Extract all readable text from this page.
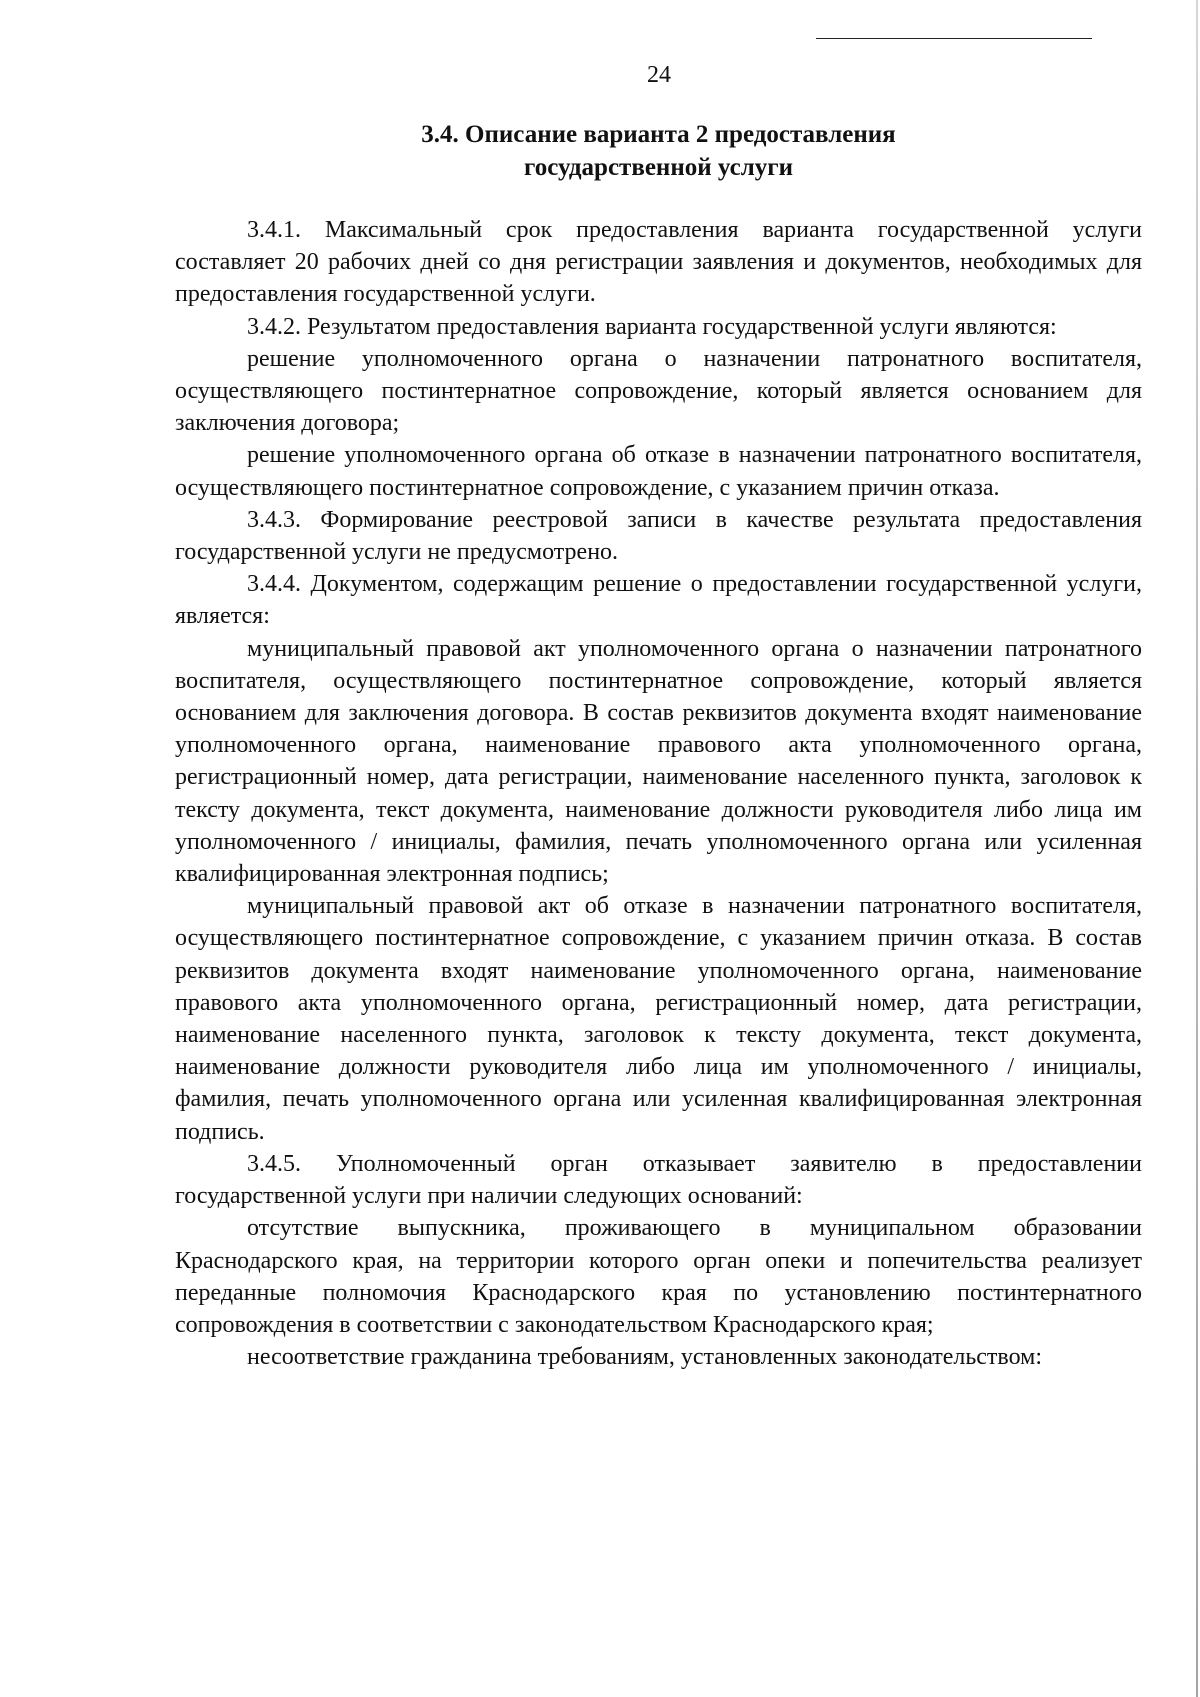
24
3.4. Описание варианта 2 предоставления
государственной услуги

3.4.1. Максимальный срок предоставления варианта государственной услуги составляет 20 рабочих дней со дня регистрации заявления и документов, необходимых для предоставления государственной услуги.

3.4.2. Результатом предоставления варианта государственной услуги являются:

решение уполномоченного органа о назначении патронатного воспитателя, осуществляющего постинтернатное сопровождение, который является основанием для заключения договора;

решение уполномоченного органа об отказе в назначении патронатного воспитателя, осуществляющего постинтернатное сопровождение, с указанием причин отказа.

3.4.3. Формирование реестровой записи в качестве результата предоставления государственной услуги не предусмотрено.

3.4.4. Документом, содержащим решение о предоставлении государственной услуги, является:

муниципальный правовой акт уполномоченного органа о назначении патронатного воспитателя, осуществляющего постинтернатное сопровождение, который является основанием для заключения договора. В состав реквизитов документа входят наименование уполномоченного органа, наименование правового акта уполномоченного органа, регистрационный номер, дата регистрации, наименование населенного пункта, заголовок к тексту документа, текст документа, наименование должности руководителя либо лица им уполномоченного / инициалы, фамилия, печать уполномоченного органа или усиленная квалифицированная электронная подпись;

муниципальный правовой акт об отказе в назначении патронатного воспитателя, осуществляющего постинтернатное сопровождение, с указанием причин отказа. В состав реквизитов документа входят наименование уполномоченного органа, наименование правового акта уполномоченного органа, регистрационный номер, дата регистрации, наименование населенного пункта, заголовок к тексту документа, текст документа, наименование должности руководителя либо лица им уполномоченного / инициалы, фамилия, печать уполномоченного органа или усиленная квалифицированная электронная подпись.

3.4.5. Уполномоченный орган отказывает заявителю в предоставлении государственной услуги при наличии следующих оснований:

отсутствие выпускника, проживающего в муниципальном образовании Краснодарского края, на территории которого орган опеки и попечительства реализует переданные полномочия Краснодарского края по установлению постинтернатного сопровождения в соответствии с законодательством Краснодарского края;

несоответствие гражданина требованиям, установленных законодательством:
